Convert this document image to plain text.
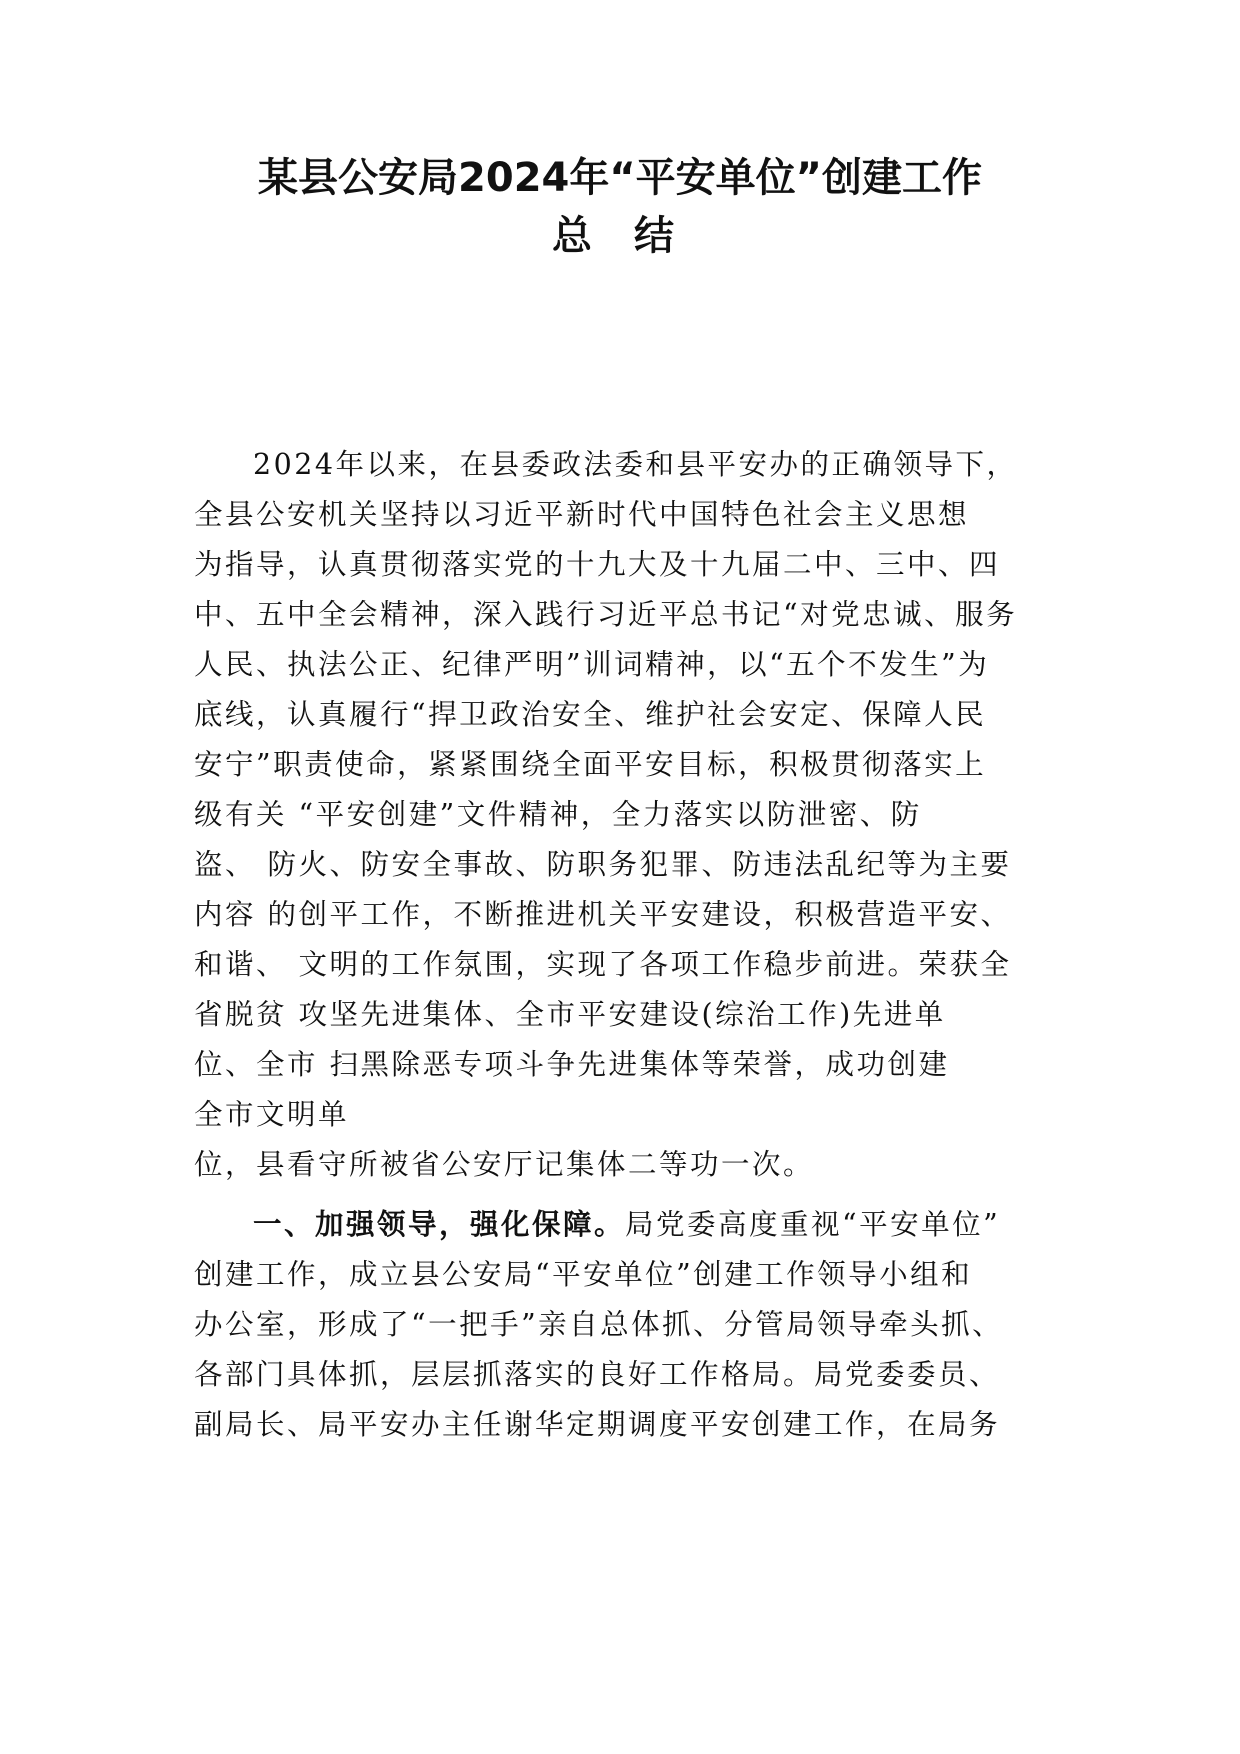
某县公安局2024年“平安单位”创建工作
总 结
2024年以来，在县委政法委和县平安办的正确领导下，
全县公安机关坚持以习近平新时代中国特色社会主义思想
为指导，认真贯彻落实党的十九大及十九届二中、三中、四
中、五中全会精神，深入践行习近平总书记“对党忠诚、服务
人民、执法公正、纪律严明”训词精神，以“五个不发生”为
底线，认真履行“捍卫政治安全、维护社会安定、保障人民
安宁”职责使命，紧紧围绕全面平安目标，积极贯彻落实上
级有关 “平安创建”文件精神，全力落实以防泄密、防
盗、 防火、防安全事故、防职务犯罪、防违法乱纪等为主要
内容 的创平工作，不断推进机关平安建设，积极营造平安、
和谐、 文明的工作氛围，实现了各项工作稳步前进。荣获全
省脱贫 攻坚先进集体、全市平安建设(综治工作)先进单
位、全市 扫黑除恶专项斗争先进集体等荣誉，成功创建
全市文明单
位，县看守所被省公安厅记集体二等功一次。
一、加强领导，强化保障。局党委高度重视“平安单位”
创建工作，成立县公安局“平安单位”创建工作领导小组和
办公室，形成了“一把手”亲自总体抓、分管局领导牵头抓、
各部门具体抓，层层抓落实的良好工作格局。局党委委员、
副局长、局平安办主任谢华定期调度平安创建工作，在局务
